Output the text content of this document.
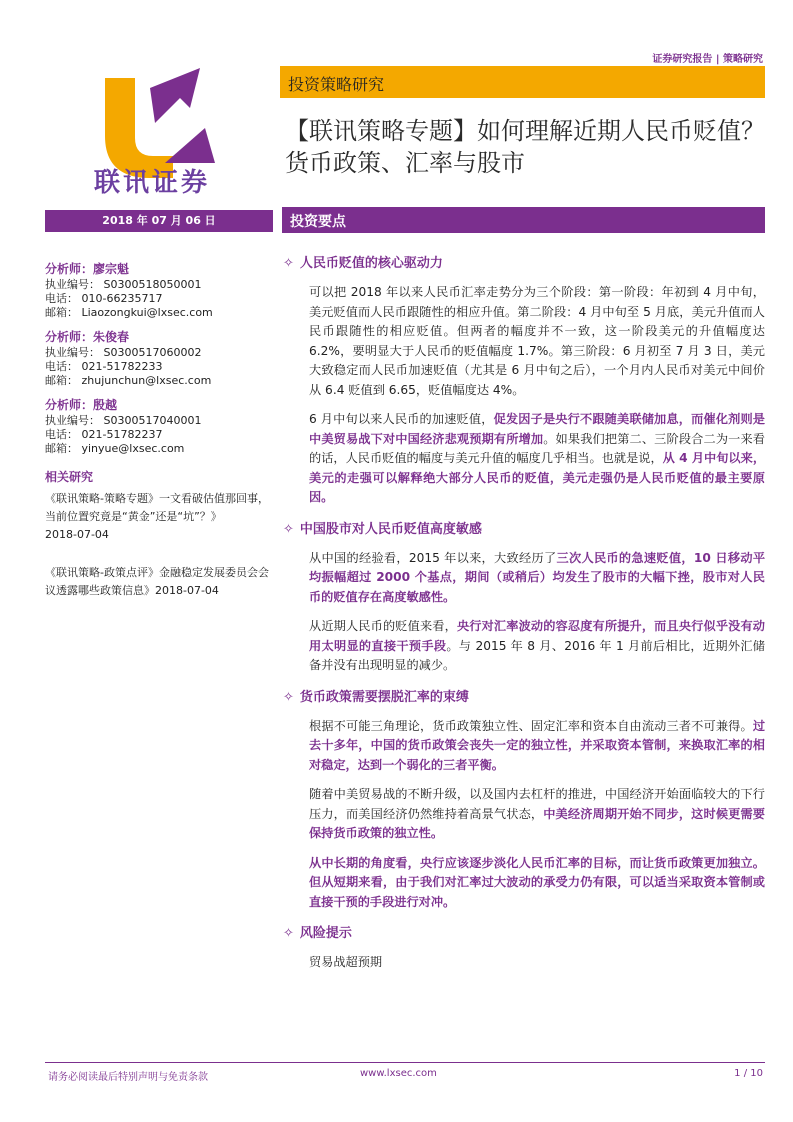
证券研究报告 | 策略研究
联讯证券
投资策略研究
【联讯策略专题】如何理解近期人民币贬值？货币政策、汇率与股市
2018 年 07 月 06 日	投资要点
分析师：廖宗魁
执业编号： S0300518050001
电话： 010-66235717
邮箱： Liaozongkui@lxsec.com
分析师：朱俊春
执业编号： S0300517060002
电话： 021-51782233
邮箱： zhujunchun@lxsec.com
分析师：殷越
执业编号： S0300517040001
电话： 021-51782237
邮箱： yinyue@lxsec.com
相关研究
《联讯策略-策略专题》一文看破估值那回事，当前位置究竟是“黄金”还是“坑”？》
2018-07-04
《联讯策略-政策点评》金融稳定发展委员会会议透露哪些政策信息》2018-07-04
✧ 人民币贬值的核心驱动力

可以把 2018 年以来人民币汇率走势分为三个阶段：第一阶段：年初到 4 月中旬，美元贬值而人民币跟随性的相应升值。第二阶段：4 月中旬至 5 月底，美元升值而人民币跟随性的相应贬值。但两者的幅度并不一致，这一阶段美元的升值幅度达 6.2%，要明显大于人民币的贬值幅度 1.7%。第三阶段：6 月初至 7 月 3 日，美元大致稳定而人民币加速贬值（尤其是 6 月中旬之后），一个月内人民币对美元中间价从 6.4 贬值到 6.65，贬值幅度达 4%。

6 月中旬以来人民币的加速贬值，促发因子是央行不跟随美联储加息，而催化剂则是中美贸易战下对中国经济悲观预期有所增加。如果我们把第二、三阶段合二为一来看的话，人民币贬值的幅度与美元升值的幅度几乎相当。也就是说，从 4 月中旬以来，美元的走强可以解释绝大部分人民币的贬值，美元走强仍是人民币贬值的最主要原因。

✧ 中国股市对人民币贬值高度敏感

从中国的经验看，2015 年以来，大致经历了三次人民币的急速贬值，10 日移动平均振幅超过 2000 个基点，期间（或稍后）均发生了股市的大幅下挫，股市对人民币的贬值存在高度敏感性。

从近期人民币的贬值来看，央行对汇率波动的容忍度有所提升，而且央行似乎没有动用太明显的直接干预手段。与 2015 年 8 月、2016 年 1 月前后相比，近期外汇储备并没有出现明显的减少。

✧ 货币政策需要摆脱汇率的束缚

根据不可能三角理论，货币政策独立性、固定汇率和资本自由流动三者不可兼得。过去十多年，中国的货币政策会丧失一定的独立性，并采取资本管制，来换取汇率的相对稳定，达到一个弱化的三者平衡。

随着中美贸易战的不断升级，以及国内去杠杆的推进，中国经济开始面临较大的下行压力，而美国经济仍然维持着高景气状态，中美经济周期开始不同步，这时候更需要保持货币政策的独立性。

从中长期的角度看，央行应该逐步淡化人民币汇率的目标，而让货币政策更加独立。但从短期来看，由于我们对汇率过大波动的承受力仍有限，可以适当采取资本管制或直接干预的手段进行对冲。

✧ 风险提示

贸易战超预期

请务必阅读最后特别声明与免责条款	www.lxsec.com	1 / 10
